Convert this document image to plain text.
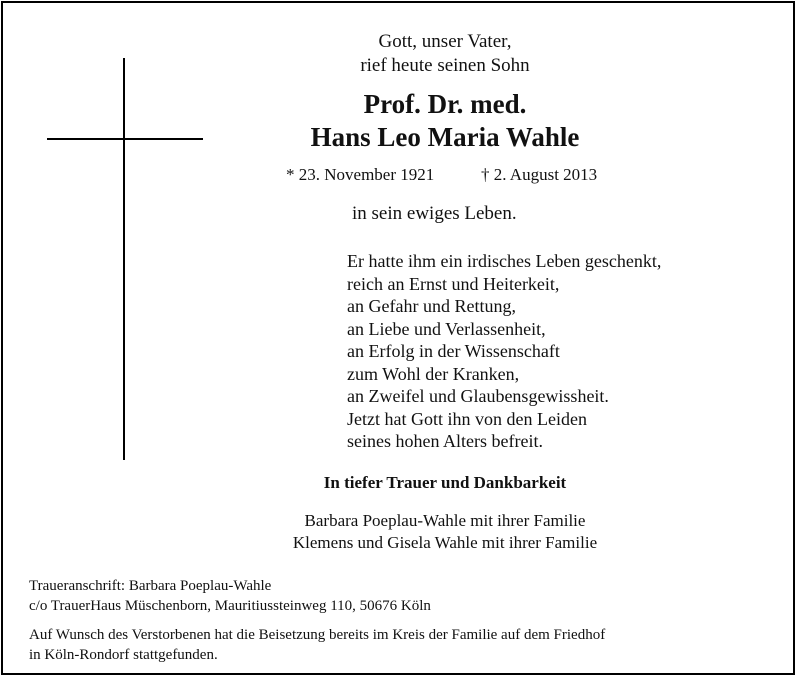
Gott, unser Vater,
rief heute seinen Sohn
Prof. Dr. med.
Hans Leo Maria Wahle
* 23. November 1921	† 2. August 2013
in sein ewiges Leben.
Er hatte ihm ein irdisches Leben geschenkt,
reich an Ernst und Heiterkeit,
an Gefahr und Rettung,
an Liebe und Verlassenheit,
an Erfolg in der Wissenschaft
zum Wohl der Kranken,
an Zweifel und Glaubensgewissheit.
Jetzt hat Gott ihn von den Leiden
seines hohen Alters befreit.
In tiefer Trauer und Dankbarkeit
Barbara Poeplau-Wahle mit ihrer Familie
Klemens und Gisela Wahle mit ihrer Familie
Traueranschrift: Barbara Poeplau-Wahle
c/o TrauerHaus Müschenborn, Mauritiussteinweg 110, 50676 Köln
Auf Wunsch des Verstorbenen hat die Beisetzung bereits im Kreis der Familie auf dem Friedhof
in Köln-Rondorf stattgefunden.
